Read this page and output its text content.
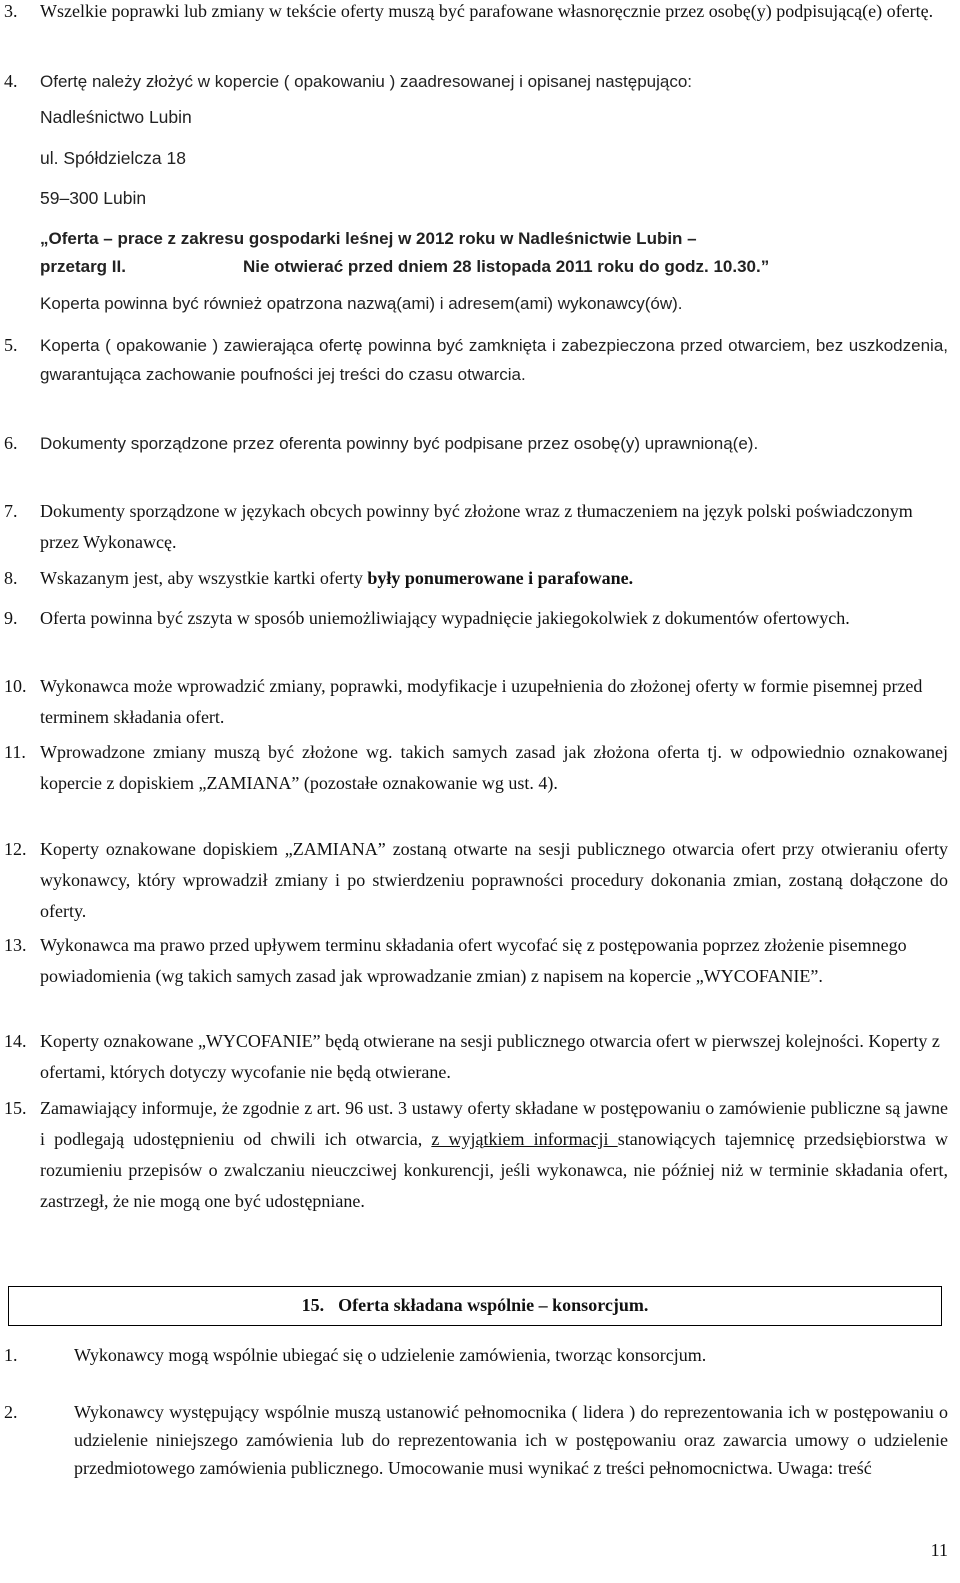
3. Wszelkie poprawki lub zmiany w tekście oferty muszą być parafowane własnoręcznie przez osobę(y) podpisującą(e) ofertę.
4. Ofertę należy złożyć w kopercie ( opakowaniu ) zaadresowanej i opisanej następująco:
Nadleśnictwo Lubin
ul. Spółdzielcza 18
59–300 Lubin
„Oferta – prace z zakresu gospodarki leśnej w 2012 roku w Nadleśnictwie Lubin –
przetarg II.	Nie otwierać przed dniem 28 listopada 2011 roku do godz. 10.30.”
Koperta powinna być również opatrzona nazwą(ami) i adresem(ami) wykonawcy(ów).
5. Koperta ( opakowanie ) zawierająca ofertę powinna być zamknięta i zabezpieczona przed otwarciem, bez uszkodzenia, gwarantująca zachowanie poufności jej treści do czasu otwarcia.
6. Dokumenty sporządzone przez oferenta powinny być podpisane przez osobę(y) uprawnioną(e).
7. Dokumenty sporządzone w językach obcych powinny być złożone wraz z tłumaczeniem na język polski poświadczonym przez Wykonawcę.
8. Wskazanym jest, aby wszystkie kartki oferty były ponumerowane i parafowane.
9. Oferta powinna być zszyta w sposób uniemożliwiający wypadnięcie jakiegokolwiek z dokumentów ofertowych.
10. Wykonawca może wprowadzić zmiany, poprawki, modyfikacje i uzupełnienia do złożonej oferty w formie pisemnej przed terminem składania ofert.
11. Wprowadzone zmiany muszą być złożone wg. takich samych zasad jak złożona oferta tj. w odpowiednio oznakowanej kopercie z dopiskiem „ZAMIANA” (pozostałe oznakowanie wg ust. 4).
12. Koperty oznakowane dopiskiem „ZAMIANA” zostaną otwarte na sesji publicznego otwarcia ofert przy otwieraniu oferty wykonawcy, który wprowadził zmiany i po stwierdzeniu poprawności procedury dokonania zmian, zostaną dołączone do oferty.
13. Wykonawca ma prawo przed upływem terminu składania ofert wycofać się z postępowania poprzez złożenie pisemnego powiadomienia (wg takich samych zasad jak wprowadzanie zmian) z napisem na kopercie „WYCOFANIE”.
14. Koperty oznakowane „WYCOFANIE” będą otwierane na sesji publicznego otwarcia ofert w pierwszej kolejności. Koperty z ofertami, których dotyczy wycofanie nie będą otwierane.
15. Zamawiający informuje, że zgodnie z art. 96 ust. 3 ustawy oferty składane w postępowaniu o zamówienie publiczne są jawne i podlegają udostępnieniu od chwili ich otwarcia, z wyjątkiem informacji stanowiących tajemnicę przedsiębiorstwa w rozumieniu przepisów o zwalczaniu nieuczciwej konkurencji, jeśli wykonawca, nie później niż w terminie składania ofert, zastrzegł, że nie mogą one być udostępniane.
15. Oferta składana wspólnie – konsorcjum.
1.	Wykonawcy mogą wspólnie ubiegać się o udzielenie zamówienia, tworząc konsorcjum.
2.	Wykonawcy występujący wspólnie muszą ustanowić pełnomocnika ( lidera ) do reprezentowania ich w postępowaniu o udzielenie niniejszego zamówienia lub do reprezentowania ich w postępowaniu oraz zawarcia umowy o udzielenie przedmiotowego zamówienia publicznego. Umocowanie musi wynikać z treści pełnomocnictwa. Uwaga: treść
11
